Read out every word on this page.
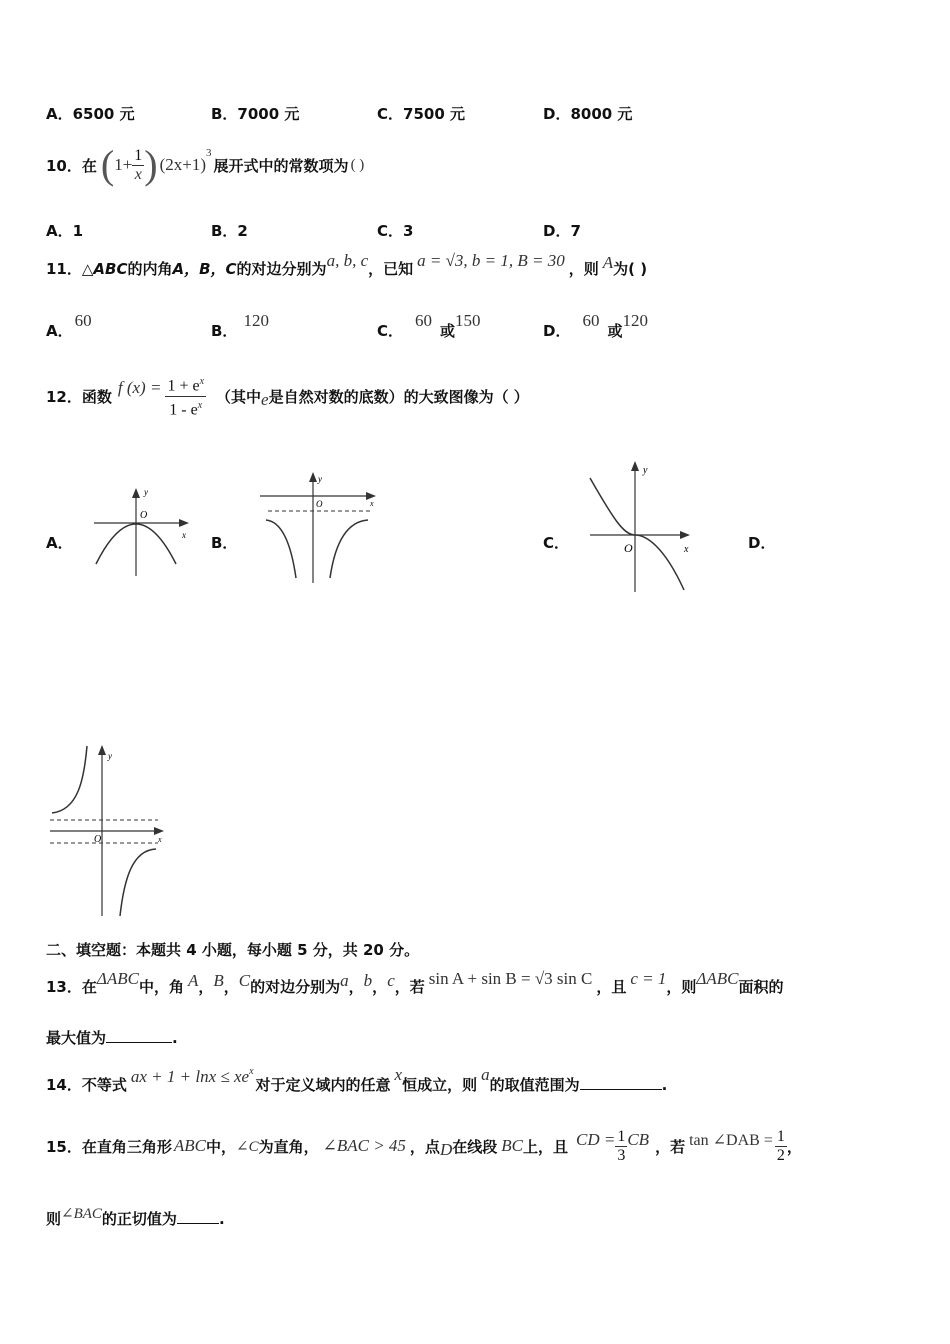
A．6500 元	B．7000 元	C．7500 元	D．8000 元
10．在 ( $1+ \frac{1}{x}$ ) (2x+1)
3
展开式中的常数项为 ( )
A．1	B．2	C．3	D．7
11． △ABC 的内角 A，B，C 的对边分别为 a, b, c ，已知 a = √3, b = 1, B = 30 ，则 A 为( )
A．
60
B．
120
C．
60
或
150
D．
60
或
120
12．函数 f $(x) = \frac{1 + e^x}{1 - e^x}$ （其中 e 是自然对数的底数）的大致图像为（ ）
A．	B．	C．	D．
y
O
x
y
O	x
y
O	x
y
O	x
二、填空题：本题共 4 小题，每小题 5 分，共 20 分。
13．在 ΔABC 中，角 A ， B ， C 的对边分别为 a ， b ， c ，若 sin A + sin B = √3 sin C ，且 c = 1 ，则 ΔABC 面积的
最大值为	.
14．不等式 ax + 1 + lnx ≤ xe x
对于定义域内的任意
x
恒成立，则
a
的取值范围为	.
15．在直角三角形 ABC 中， ∠C 为直角， ∠BAC > 45 ，点 D 在线段 BC 上，且 CD = $\frac{1}{3}$ CB ，若 tan ∠DAB = $\frac{1}{2}$ ，
则 ∠BAC 的正切值为	.
